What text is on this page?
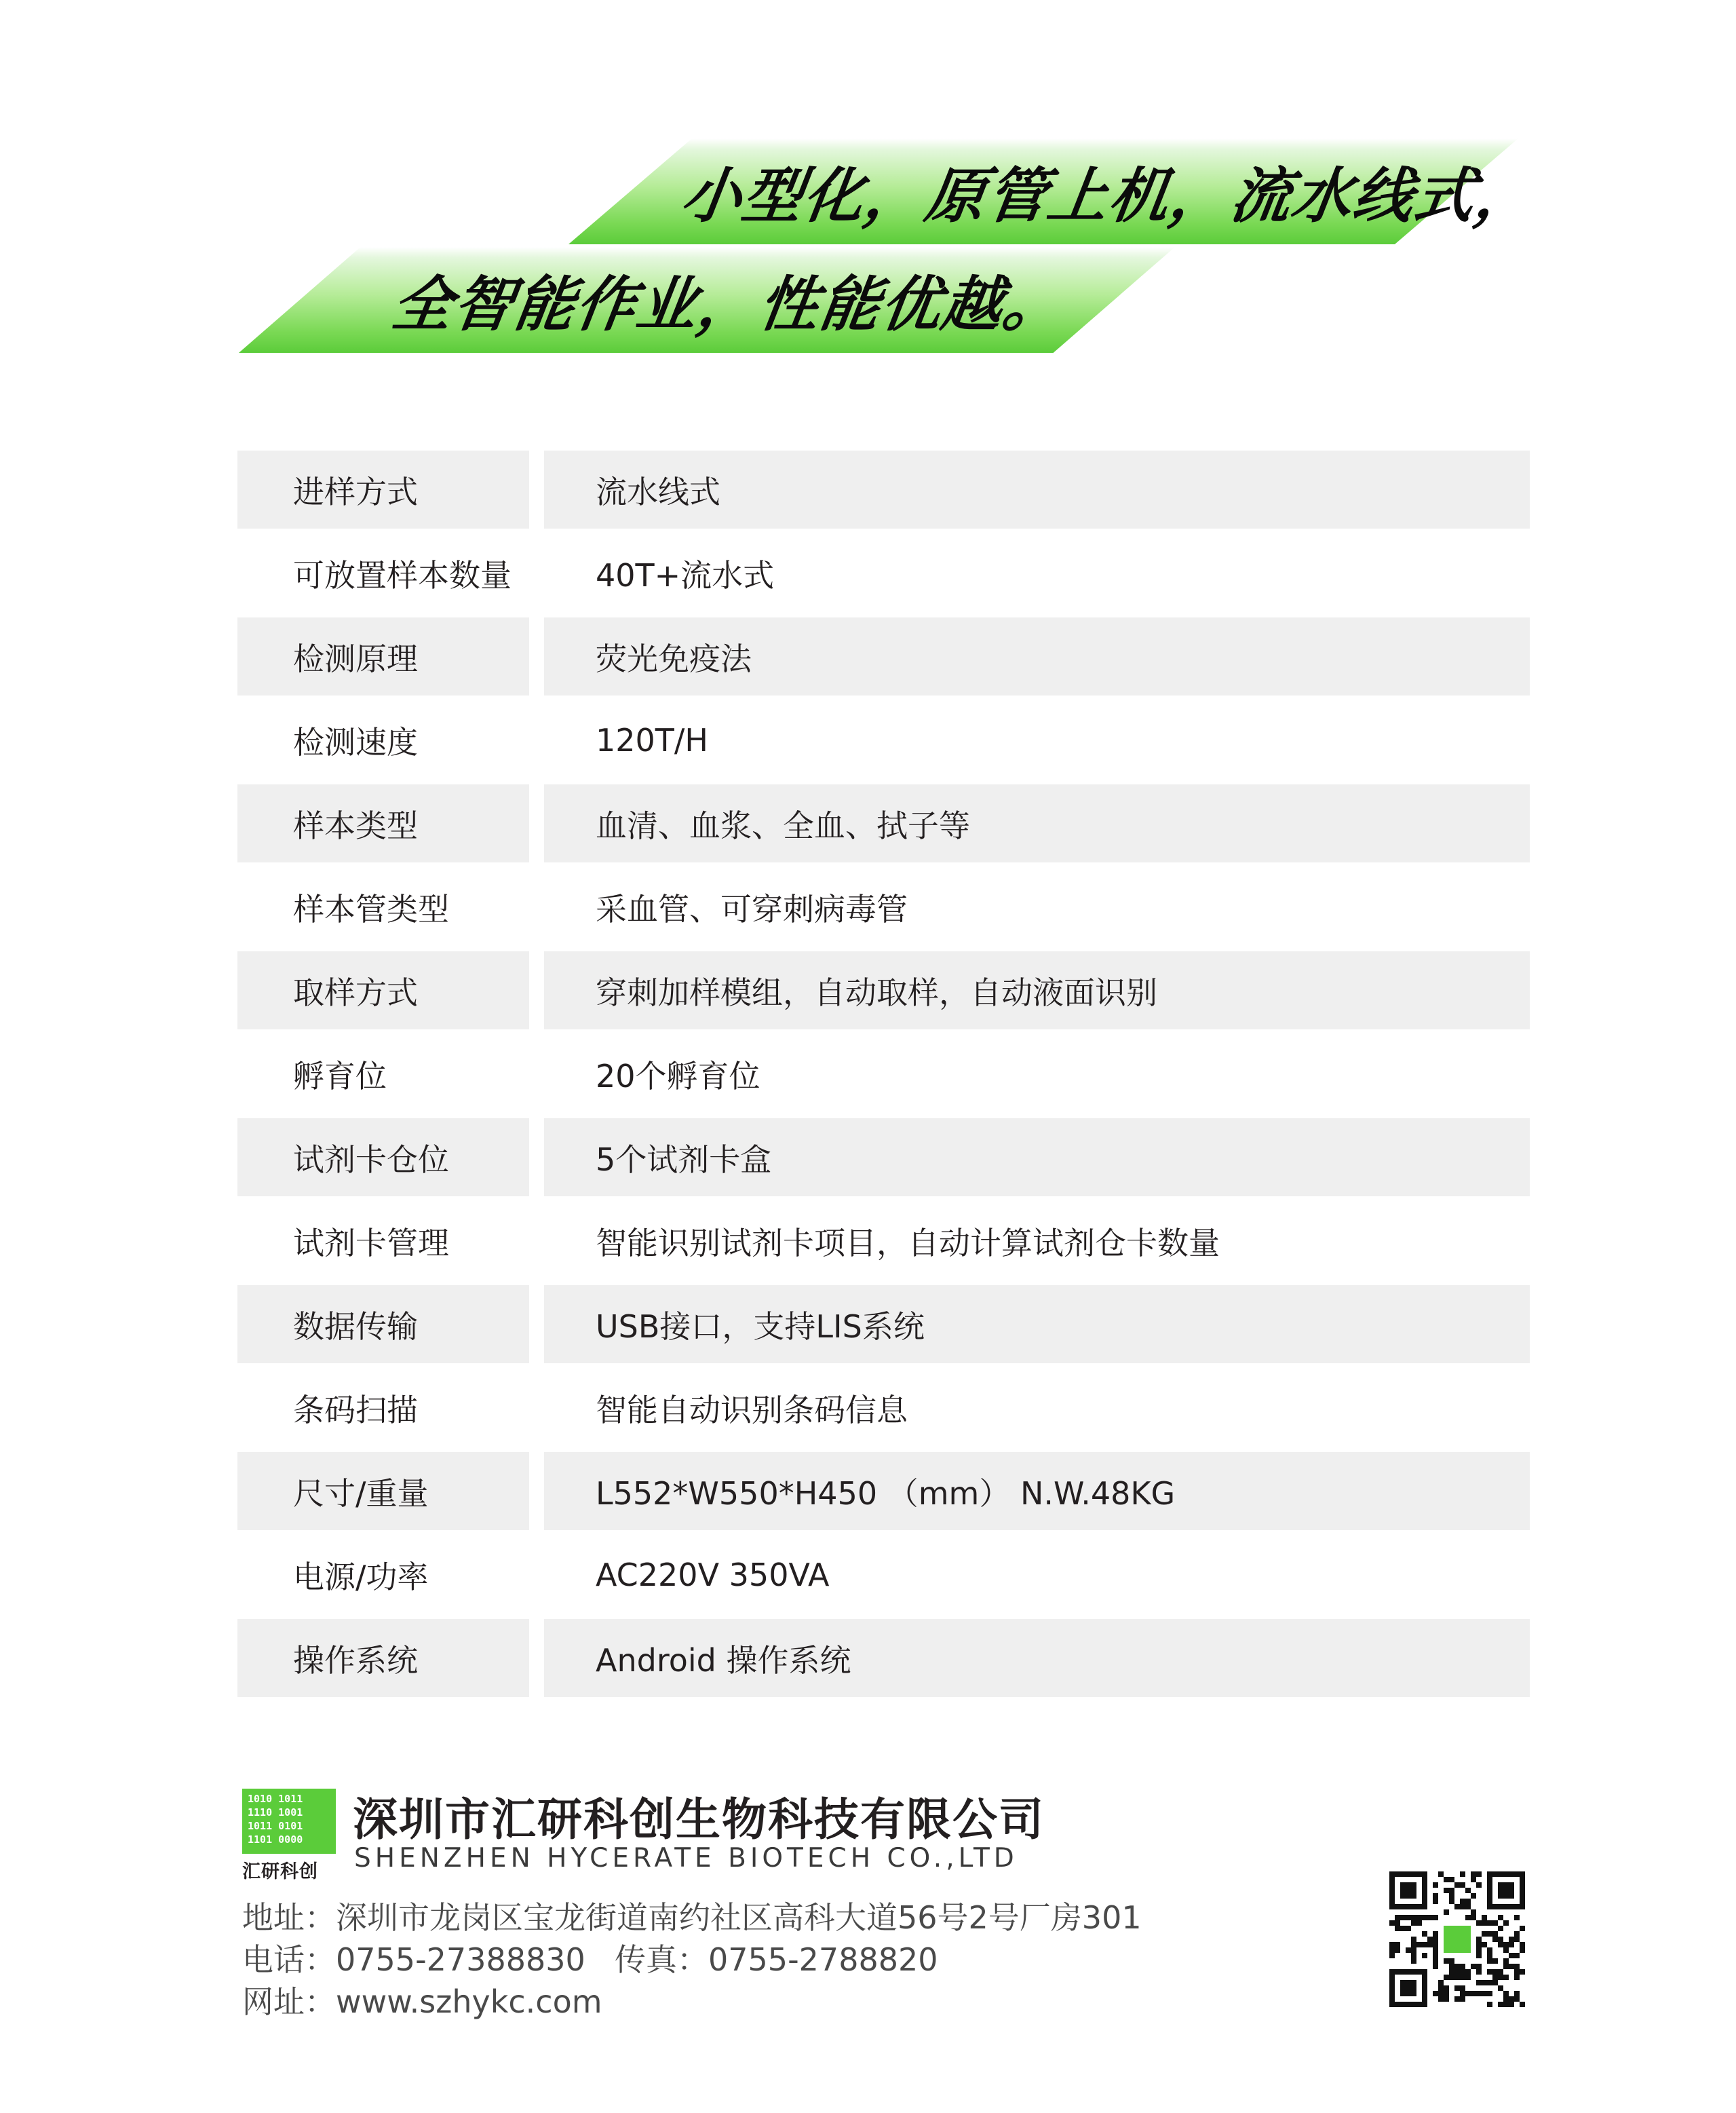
小型化，原管上机，流水线式，
全智能作业，性能优越。
进样方式	流水线式
可放置样本数量	40T+流水式
检测原理	荧光免疫法
检测速度	120T/H
样本类型	血清、血浆、全血、拭子等
样本管类型	采血管、可穿刺病毒管
取样方式	穿刺加样模组，自动取样，自动液面识别
孵育位	20个孵育位
试剂卡仓位	5个试剂卡盒
试剂卡管理	智能识别试剂卡项目，自动计算试剂仓卡数量
数据传输	USB接口，支持LIS系统
条码扫描	智能自动识别条码信息
尺寸/重量	L552*W550*H450 （mm） N.W.48KG
电源/功率	AC220V 350VA
操作系统	Android 操作系统
1010 1011
1110 1001
1011 0101
1101 0000
汇研科创
深圳市汇研科创生物科技有限公司
SHENZHEN HYCERATE BIOTECH CO.,LTD
地址：深圳市龙岗区宝龙街道南约社区高科大道56号2号厂房301
电话：0755-27388830 传真：0755-2788820
网址：www.szhykc.com
